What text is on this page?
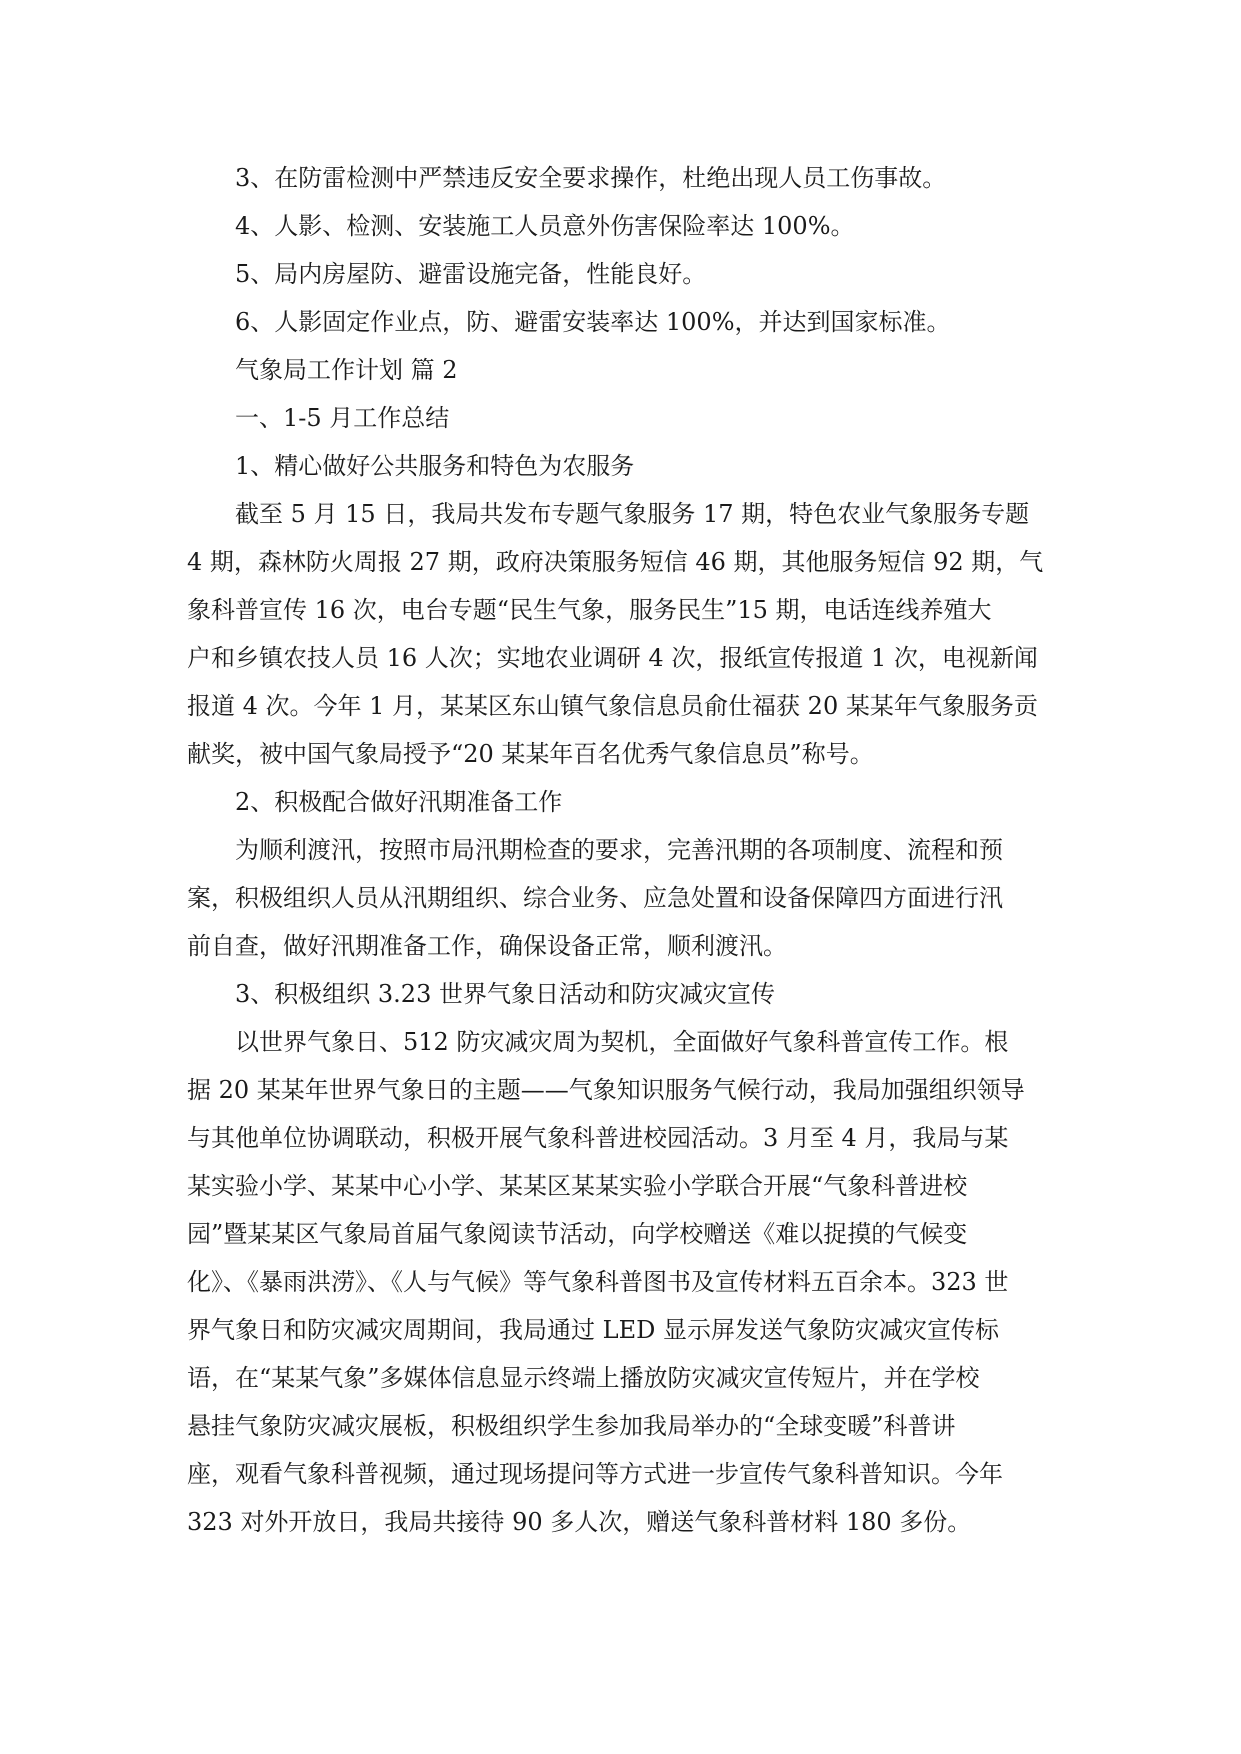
3、在防雷检测中严禁违反安全要求操作，杜绝出现人员工伤事故。

4、人影、检测、安装施工人员意外伤害保险率达 100%。

5、局内房屋防、避雷设施完备，性能良好。

6、人影固定作业点，防、避雷安装率达 100%，并达到国家标准。

气象局工作计划 篇 2

一、1-5 月工作总结

1、精心做好公共服务和特色为农服务

截至 5 月 15 日，我局共发布专题气象服务 17 期，特色农业气象服务专题

4 期，森林防火周报 27 期，政府决策服务短信 46 期，其他服务短信 92 期，气

象科普宣传 16 次，电台专题“民生气象，服务民生”15 期，电话连线养殖大

户和乡镇农技人员 16 人次；实地农业调研 4 次，报纸宣传报道 1 次，电视新闻

报道 4 次。今年 1 月，某某区东山镇气象信息员俞仕福获 20 某某年气象服务贡

献奖，被中国气象局授予“20 某某年百名优秀气象信息员”称号。

2、积极配合做好汛期准备工作

为顺利渡汛，按照市局汛期检查的要求，完善汛期的各项制度、流程和预

案，积极组织人员从汛期组织、综合业务、应急处置和设备保障四方面进行汛

前自查，做好汛期准备工作，确保设备正常，顺利渡汛。

3、积极组织 3.23 世界气象日活动和防灾减灾宣传

以世界气象日、512 防灾减灾周为契机，全面做好气象科普宣传工作。根

据 20 某某年世界气象日的主题——气象知识服务气候行动，我局加强组织领导

与其他单位协调联动，积极开展气象科普进校园活动。3 月至 4 月，我局与某

某实验小学、某某中心小学、某某区某某实验小学联合开展“气象科普进校

园”暨某某区气象局首届气象阅读节活动，向学校赠送《难以捉摸的气候变

化》、《暴雨洪涝》、《人与气候》等气象科普图书及宣传材料五百余本。323 世

界气象日和防灾减灾周期间，我局通过 LED 显示屏发送气象防灾减灾宣传标

语，在“某某气象”多媒体信息显示终端上播放防灾减灾宣传短片，并在学校

悬挂气象防灾减灾展板，积极组织学生参加我局举办的“全球变暖”科普讲

座，观看气象科普视频，通过现场提问等方式进一步宣传气象科普知识。今年

323 对外开放日，我局共接待 90 多人次，赠送气象科普材料 180 多份。
